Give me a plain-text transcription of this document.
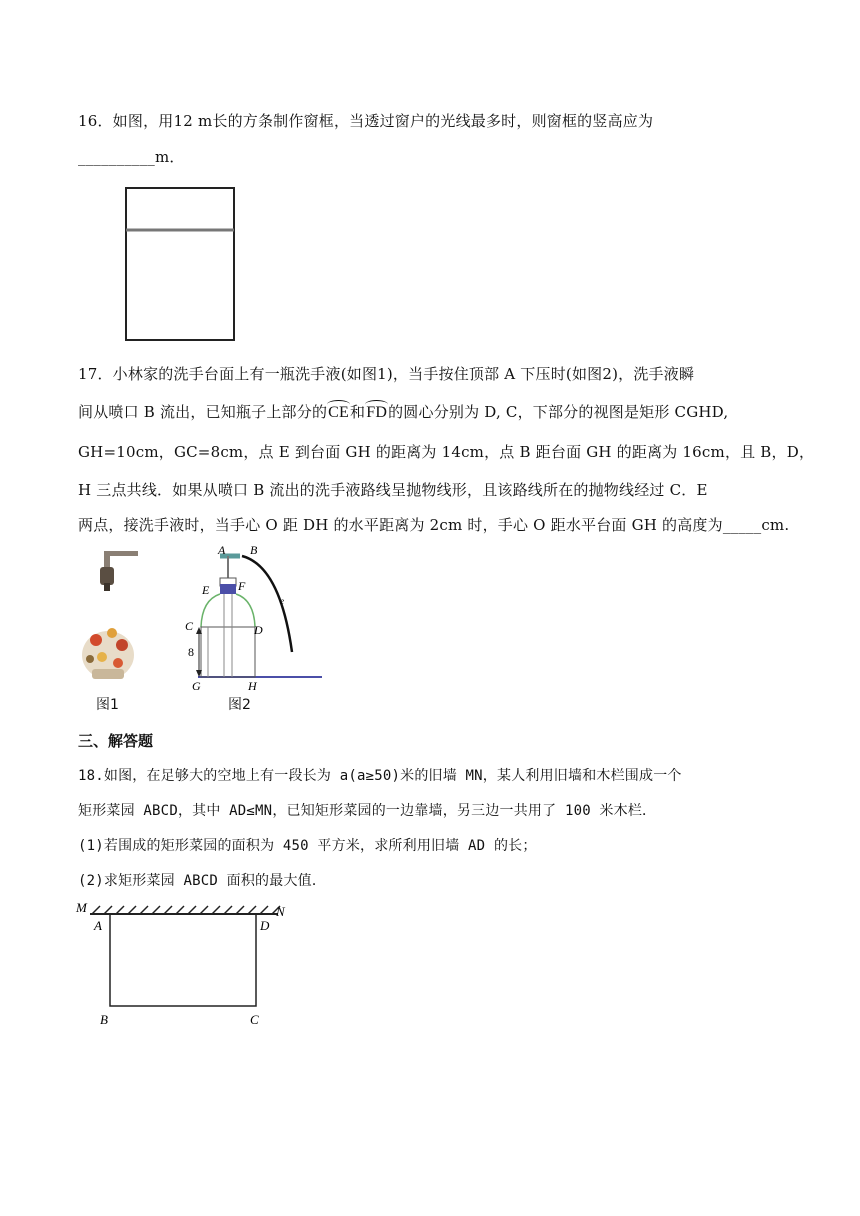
16．如图，用12 m长的方条制作窗框，当透过窗户的光线最多时，则窗框的竖高应为
__________m．
17．小林家的洗手台面上有一瓶洗手液(如图1)，当手按住顶部 A 下压时(如图2)，洗手液瞬
间从喷口 B 流出，已知瓶子上部分的CE和FD的圆心分别为 D, C，下部分的视图是矩形 CGHD,
GH=10cm，GC=8cm，点 E 到台面 GH 的距离为 14cm，点 B 距台面 GH 的距离为 16cm，且 B，D，
H 三点共线．如果从喷口 B 流出的洗手液路线呈抛物线形，且该路线所在的抛物线经过 C．E
两点，接洗手液时，当手心 O 距 DH 的水平距离为 2cm 时，手心 O 距水平台面 GH 的高度为_____cm.
图1
e
A B
E F
C	D
8
G	H
图2
三、解答题
18.如图，在足够大的空地上有一段长为 a(a≥50)米的旧墙 MN，某人利用旧墙和木栏围成一个
矩形菜园 ABCD，其中 AD≤MN，已知矩形菜园的一边靠墙，另三边一共用了 100 米木栏．
(1)若围成的矩形菜园的面积为 450 平方米，求所利用旧墙 AD 的长；
(2)求矩形菜园 ABCD 面积的最大值．
M	N
A	D
B	C
